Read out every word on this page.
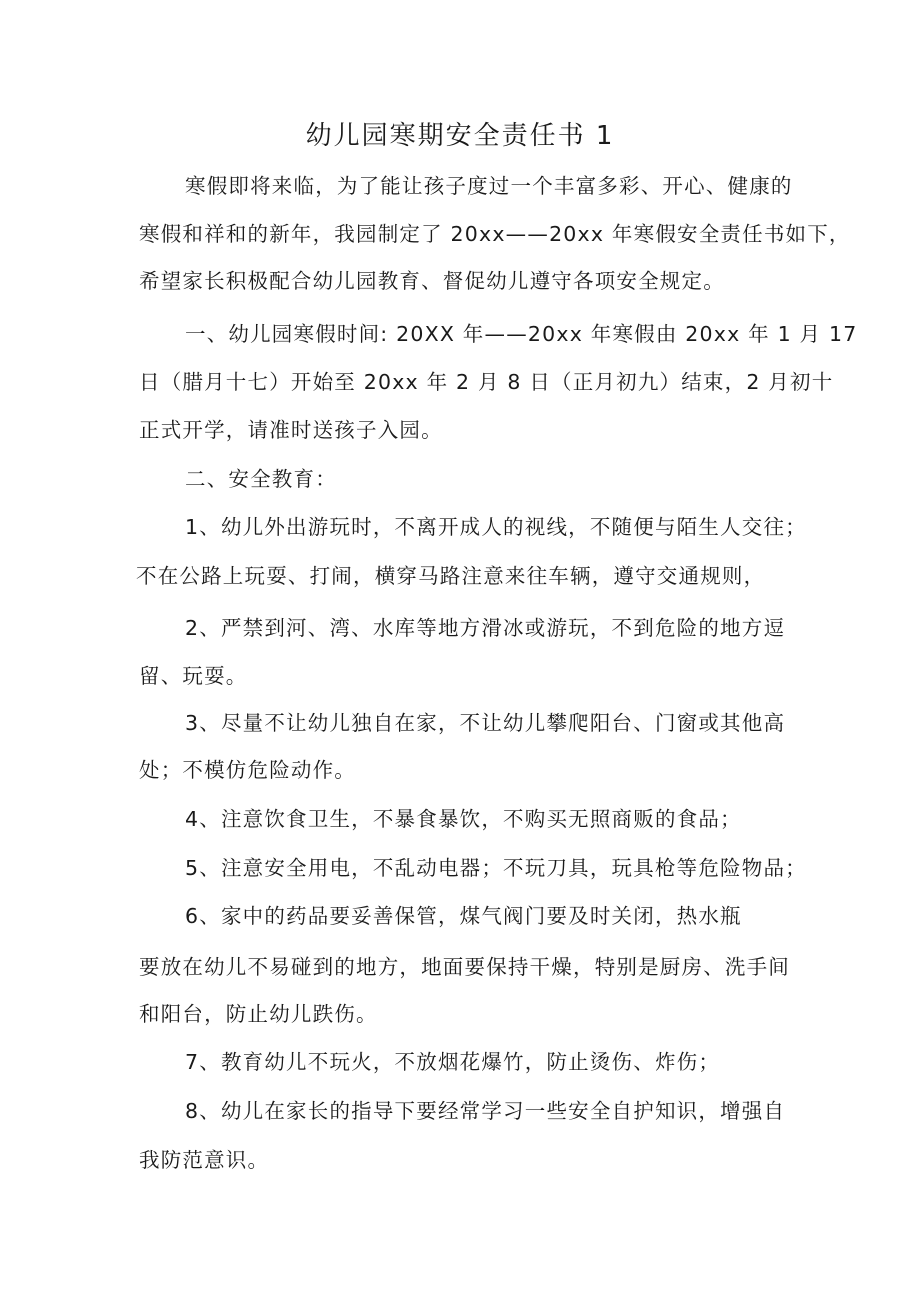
幼儿园寒期安全责任书 1

寒假即将来临，为了能让孩子度过一个丰富多彩、开心、健康的

寒假和祥和的新年，我园制定了 20xx——20xx 年寒假安全责任书如下，

希望家长积极配合幼儿园教育、督促幼儿遵守各项安全规定。

一、幼儿园寒假时间: 20XX 年——20xx 年寒假由 20xx 年 1 月 17

日（腊月十七）开始至 20xx 年 2 月 8 日（正月初九）结束，2 月初十

正式开学，请准时送孩子入园。

二、安全教育：

1、幼儿外出游玩时，不离开成人的视线，不随便与陌生人交往；

不在公路上玩耍、打闹，横穿马路注意来往车辆，遵守交通规则，

2、严禁到河、湾、水库等地方滑冰或游玩，不到危险的地方逗

留、玩耍。

3、尽量不让幼儿独自在家，不让幼儿攀爬阳台、门窗或其他高

处；不模仿危险动作。

4、注意饮食卫生，不暴食暴饮，不购买无照商贩的食品；

5、注意安全用电，不乱动电器；不玩刀具，玩具枪等危险物品；

6、家中的药品要妥善保管，煤气阀门要及时关闭，热水瓶

要放在幼儿不易碰到的地方，地面要保持干燥，特别是厨房、洗手间

和阳台，防止幼儿跌伤。

7、教育幼儿不玩火，不放烟花爆竹，防止烫伤、炸伤；

8、幼儿在家长的指导下要经常学习一些安全自护知识，增强自

我防范意识。
